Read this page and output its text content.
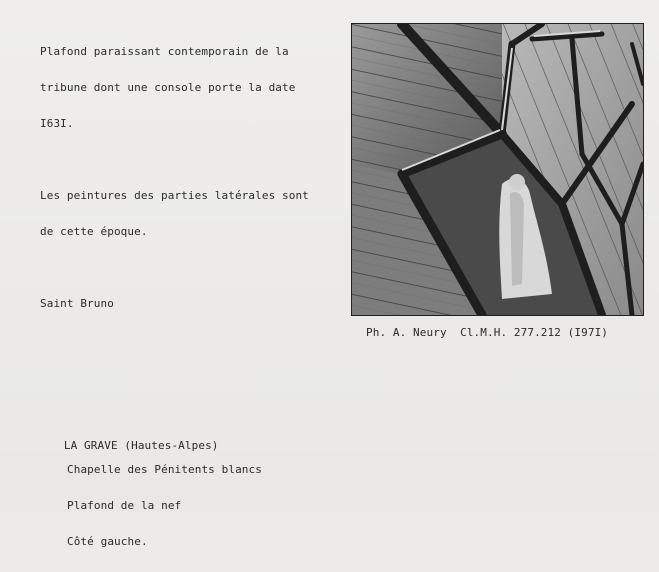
Plafond paraissant contemporain de la

tribune dont une console porte la date

I63I.

Les peintures des parties latérales sont

de cette époque.

Saint Bruno

Ph. A. Neury  Cl.M.H. 277.212 (I97I)

LA GRAVE (Hautes-Alpes)

Chapelle des Pénitents blancs

Plafond de la nef

Côté gauche.
